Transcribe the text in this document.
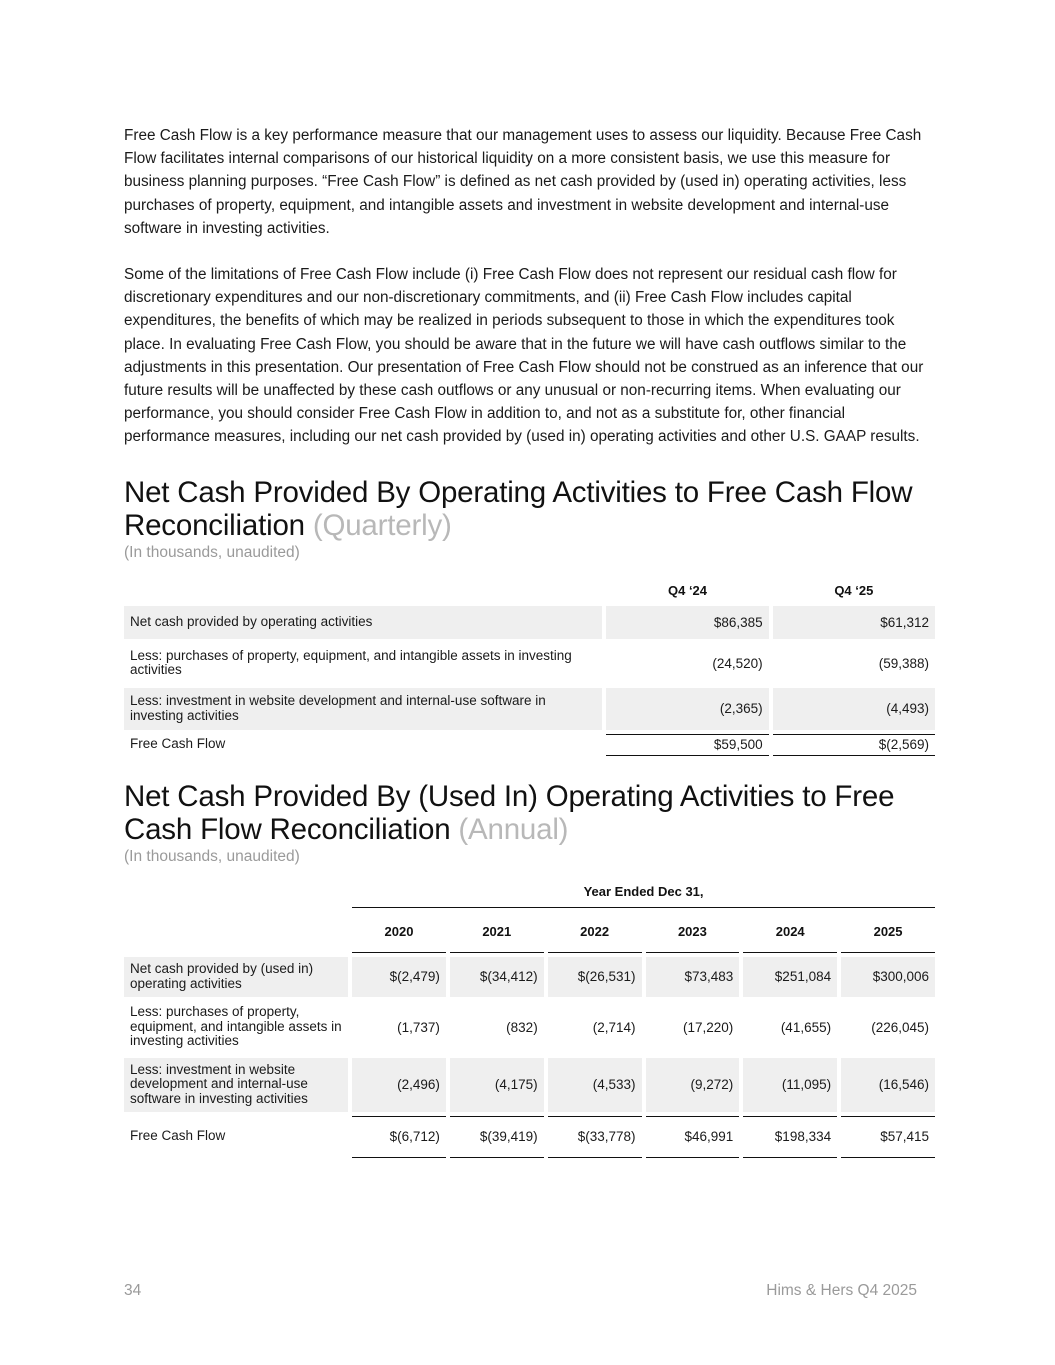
Free Cash Flow is a key performance measure that our management uses to assess our liquidity. Because Free Cash Flow facilitates internal comparisons of our historical liquidity on a more consistent basis, we use this measure for business planning purposes. “Free Cash Flow” is defined as net cash provided by (used in) operating activities, less purchases of property, equipment, and intangible assets and investment in website development and internal-use software in investing activities.

Some of the limitations of Free Cash Flow include (i) Free Cash Flow does not represent our residual cash flow for discretionary expenditures and our non-discretionary commitments, and (ii) Free Cash Flow includes capital expenditures, the benefits of which may be realized in periods subsequent to those in which the expenditures took place. In evaluating Free Cash Flow, you should be aware that in the future we will have cash outflows similar to the adjustments in this presentation. Our presentation of Free Cash Flow should not be construed as an inference that our future results will be unaffected by these cash outflows or any unusual or non-recurring items. When evaluating our performance, you should consider Free Cash Flow in addition to, and not as a substitute for, other financial performance measures, including our net cash provided by (used in) operating activities and other U.S. GAAP results.

Net Cash Provided By Operating Activities to Free Cash Flow Reconciliation (Quarterly)
(In thousands, unaudited)
	Q4 ‘24	Q4 ‘25
Net cash provided by operating activities	$86,385	$61,312
Less: purchases of property, equipment, and intangible assets in investing activities	(24,520)	(59,388)
Less: investment in website development and internal-use software in investing activities	(2,365)	(4,493)
Free Cash Flow	$59,500	$(2,569)
Net Cash Provided By (Used In) Operating Activities to Free Cash Flow Reconciliation (Annual)
(In thousands, unaudited)
	Year Ended Dec 31,					
	2020	2021	2022	2023	2024	2025
Net cash provided by (used in) operating activities	$(2,479)	$(34,412)	$(26,531)	$73,483	$251,084	$300,006
Less: purchases of property, equipment, and intangible assets in investing activities	(1,737)	(832)	(2,714)	(17,220)	(41,655)	(226,045)
Less: investment in website development and internal-use software in investing activities	(2,496)	(4,175)	(4,533)	(9,272)	(11,095)	(16,546)
Free Cash Flow	$(6,712)	$(39,419)	$(33,778)	$46,991	$198,334	$57,415
34	Hims & Hers Q4 2025
